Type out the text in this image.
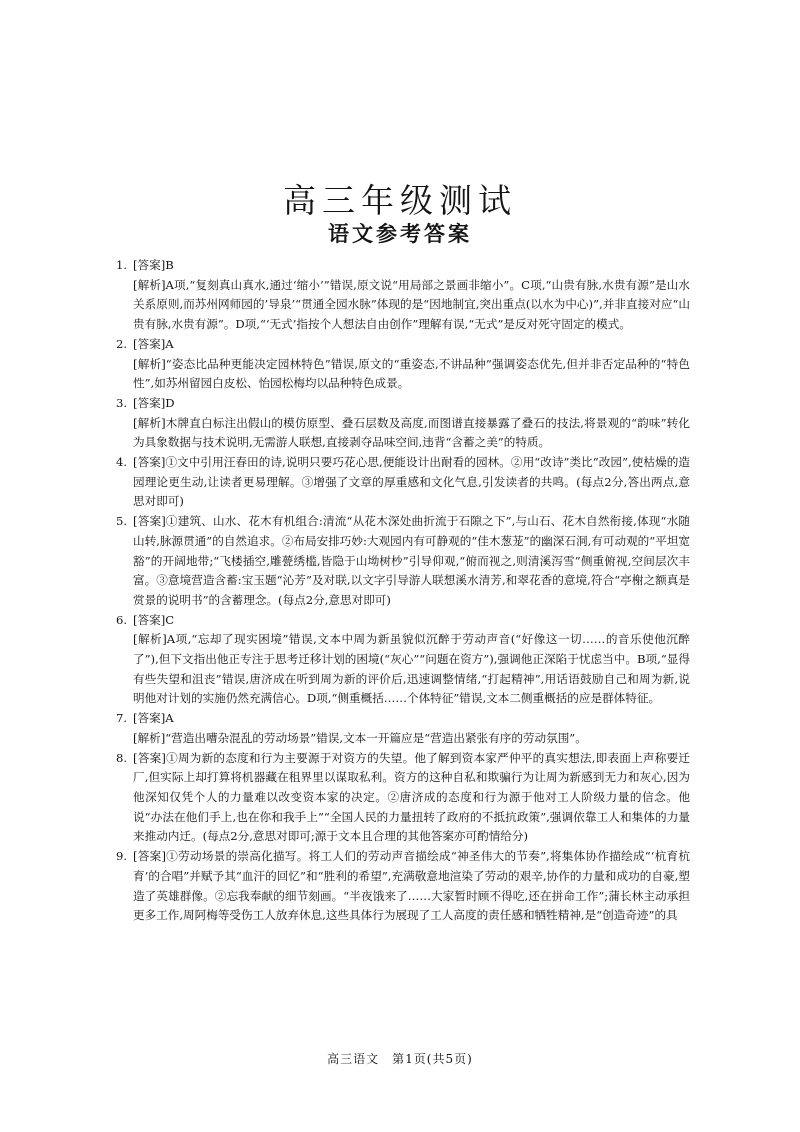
高三年级测试
语文参考答案
1. [答案]B

[解析]A项,“复刻真山真水,通过‘缩小’”错误,原文说“用局部之景画非缩小”。C项,“山贵有脉,水贵有源”是山水关系原则,而苏州网师园的’导泉’“贯通全园水脉”体现的是“因地制宜,突出重点(以水为中心)”,并非直接对应“山贵有脉,水贵有源”。D项,“‘无式’指按个人想法自由创作”理解有误,“无式”是反对死守固定的模式。

2. [答案]A

[解析]“姿态比品种更能决定园林特色”错误,原文的“重姿态,不讲品种”强调姿态优先,但并非否定品种的“特色性”,如苏州留园白皮松、怡园松梅均以品种特色成景。

3. [答案]D

[解析]木牌直白标注出假山的模仿原型、叠石层数及高度,而图谱直接暴露了叠石的技法,将景观的“韵味”转化为具象数据与技术说明,无需游人联想,直接剥夺品味空间,违背“含蓄之美”的特质。

4. [答案]①文中引用汪春田的诗,说明只要巧花心思,便能设计出耐看的园林。②用“改诗”类比“改园”,使枯燥的造园理论更生动,让读者更易理解。③增强了文章的厚重感和文化气息,引发读者的共鸣。(每点2分,答出两点,意思对即可)

5. [答案]①建筑、山水、花木有机组合:清流“从花木深处曲折流于石隙之下”,与山石、花木自然衔接,体现“水随山转,脉源贯通”的自然追求。②布局安排巧妙:大观园内有可静观的“佳木葱茏”的幽深石洞,有可动观的“平坦宽豁”的开阔地带;“飞楼插空,雕甍绣槛,皆隐于山坳树杪”引导仰观,“俯而视之,则清溪泻雪”侧重俯视,空间层次丰富。③意境营造含蓄:宝玉题“沁芳”及对联,以文字引导游人联想溪水清芳,和翠花香的意境,符合“亭榭之额真是赏景的说明书”的含蓄理念。(每点2分,意思对即可)

6. [答案]C

[解析]A项,“忘却了现实困境”错误,文本中周为新虽貌似沉醉于劳动声音(“好像这一切……的音乐使他沉醉了”),但下文指出他正专注于思考迁移计划的困境(“灰心”“问题在资方”),强调他正深陷于忧虑当中。B项,“显得有些失望和沮丧”错误,唐济成在听到周为新的评价后,迅速调整情绪,“打起精神”,用话语鼓励自己和周为新,说明他对计划的实施仍然充满信心。D项,“侧重概括……个体特征”错误,文本二侧重概括的应是群体特征。

7. [答案]A

[解析]“营造出嘈杂混乱的劳动场景”错误,文本一开篇应是“营造出紧张有序的劳动氛围”。

8. [答案]①周为新的态度和行为主要源于对资方的失望。他了解到资本家严仲平的真实想法,即表面上声称要迁厂,但实际上却打算将机器藏在租界里以谋取私利。资方的这种自私和欺骗行为让周为新感到无力和灰心,因为他深知仅凭个人的力量难以改变资本家的决定。②唐济成的态度和行为源于他对工人阶级力量的信念。他说“办法在他们手上,也在你和我手上”“全国人民的力量扭转了政府的不抵抗政策”,强调依靠工人和集体的力量来推动内迁。(每点2分,意思对即可;源于文本且合理的其他答案亦可酌情给分)

9. [答案]①劳动场景的崇高化描写。将工人们的劳动声音描绘成“神圣伟大的节奏”,将集体协作描绘成“‘杭育杭育’的合唱”并赋予其“血汗的回忆”和“胜利的希望”,充满敬意地渲染了劳动的艰辛,协作的力量和成功的自豪,塑造了英雄群像。②忘我奉献的细节刻画。“半夜饿来了……大家暂时顾不得吃,还在拼命工作”;蒲长林主动承担更多工作,周阿梅等受伤工人放弃休息,这些具体行为展现了工人高度的责任感和牺牲精神,是“创造奇迹”的具

高三语文　第1页(共5页)
